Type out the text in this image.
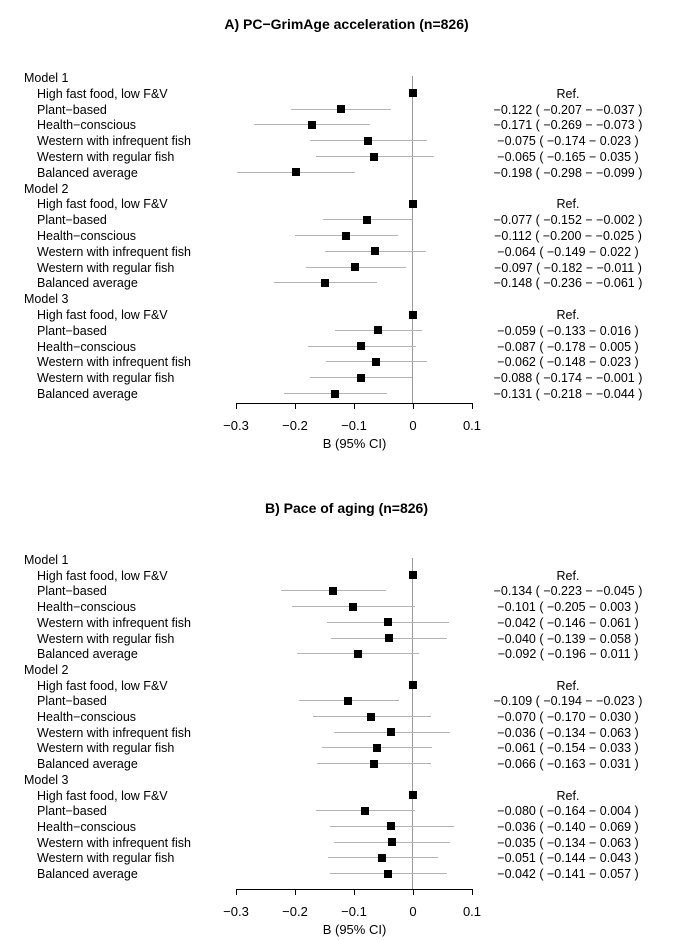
A) PC−GrimAge acceleration (n=826)
Model 1
High fast food, low F&V	Ref.
Plant−based	−0.122 ( −0.207 − −0.037 )
Health−conscious	−0.171 ( −0.269 − −0.073 )
Western with infrequent fish	−0.075 ( −0.174 − 0.023 )
Western with regular fish	−0.065 ( −0.165 − 0.035 )
Balanced average	−0.198 ( −0.298 − −0.099 )
Model 2
High fast food, low F&V	Ref.
Plant−based	−0.077 ( −0.152 − −0.002 )
Health−conscious	−0.112 ( −0.200 − −0.025 )
Western with infrequent fish	−0.064 ( −0.149 − 0.022 )
Western with regular fish	−0.097 ( −0.182 − −0.011 )
Balanced average	−0.148 ( −0.236 − −0.061 )
Model 3
High fast food, low F&V	Ref.
Plant−based	−0.059 ( −0.133 − 0.016 )
Health−conscious	−0.087 ( −0.178 − 0.005 )
Western with infrequent fish	−0.062 ( −0.148 − 0.023 )
Western with regular fish	−0.088 ( −0.174 − −0.001 )
Balanced average	−0.131 ( −0.218 − −0.044 )
−0.3	−0.2	−0.1	0	0.1
B (95% CI)
B) Pace of aging (n=826)
Model 1
High fast food, low F&V	Ref.
Plant−based	−0.134 ( −0.223 − −0.045 )
Health−conscious	−0.101 ( −0.205 − 0.003 )
Western with infrequent fish	−0.042 ( −0.146 − 0.061 )
Western with regular fish	−0.040 ( −0.139 − 0.058 )
Balanced average	−0.092 ( −0.196 − 0.011 )
Model 2
High fast food, low F&V	Ref.
Plant−based	−0.109 ( −0.194 − −0.023 )
Health−conscious	−0.070 ( −0.170 − 0.030 )
Western with infrequent fish	−0.036 ( −0.134 − 0.063 )
Western with regular fish	−0.061 ( −0.154 − 0.033 )
Balanced average	−0.066 ( −0.163 − 0.031 )
Model 3
High fast food, low F&V	Ref.
Plant−based	−0.080 ( −0.164 − 0.004 )
Health−conscious	−0.036 ( −0.140 − 0.069 )
Western with infrequent fish	−0.035 ( −0.134 − 0.063 )
Western with regular fish	−0.051 ( −0.144 − 0.043 )
Balanced average	−0.042 ( −0.141 − 0.057 )
−0.3	−0.2	−0.1	0	0.1
B (95% CI)
